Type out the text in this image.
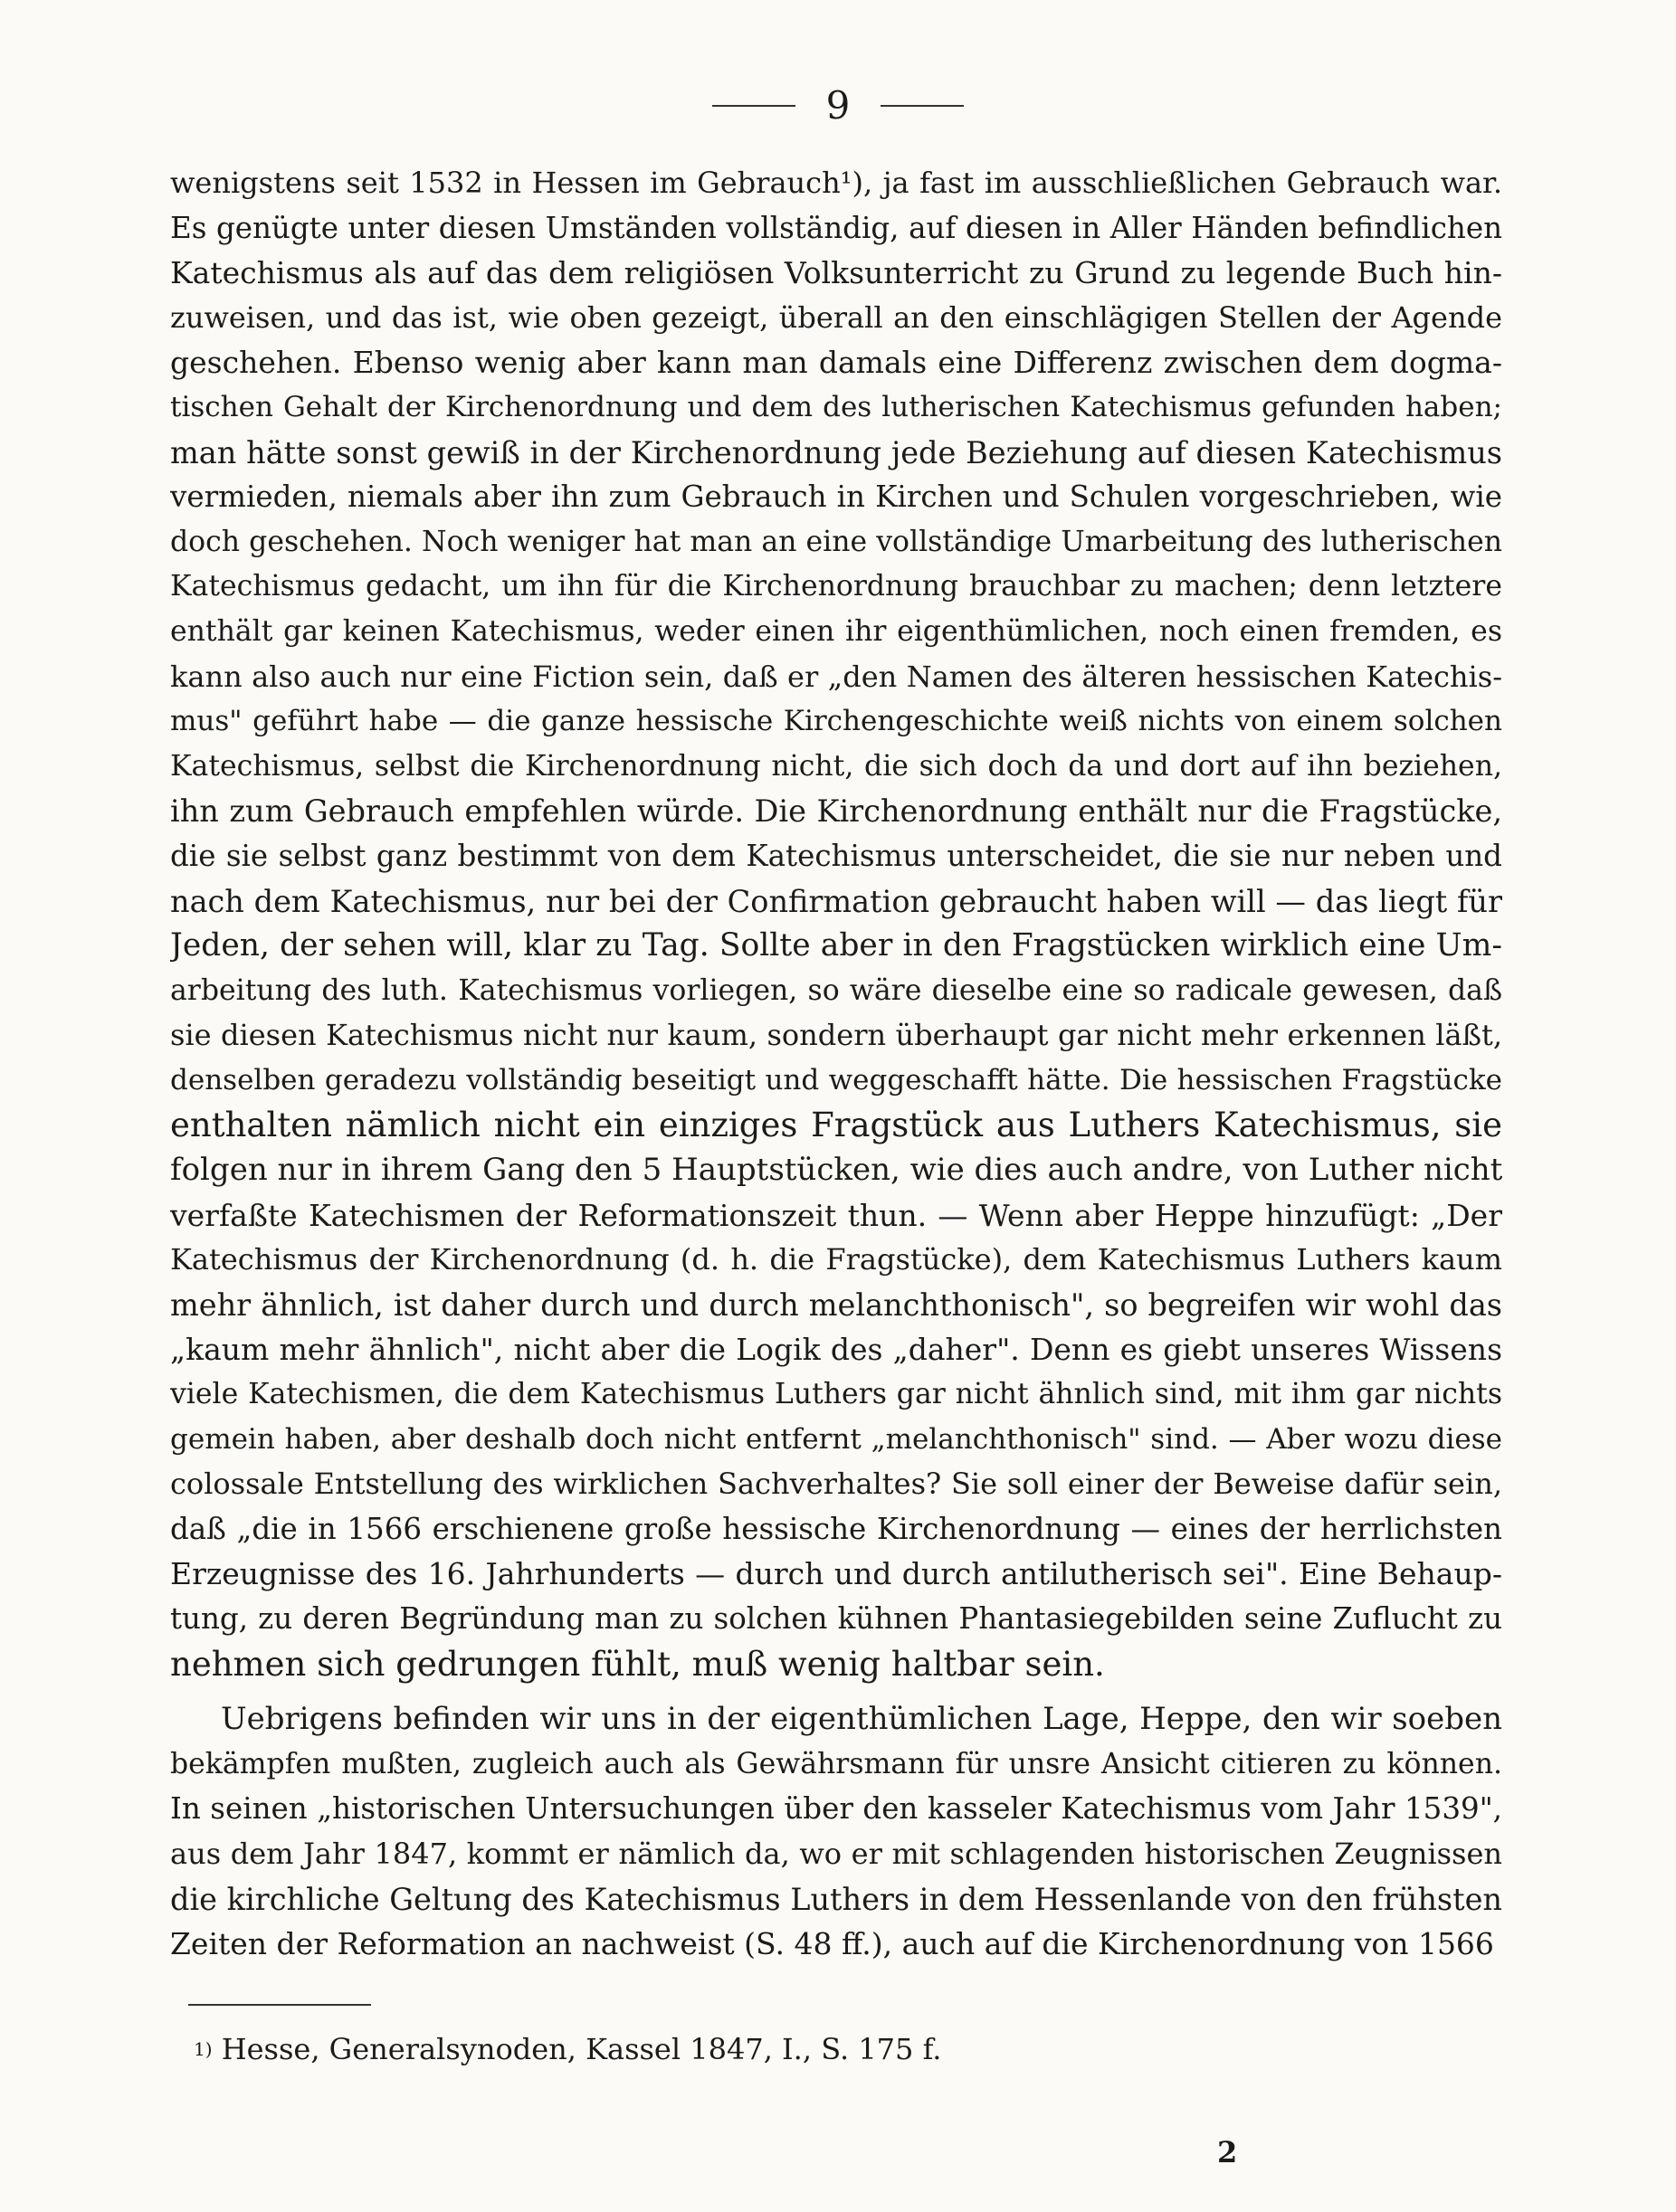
9
wenigstens seit 1532 in Hessen im Gebrauch¹), ja fast im ausschließlichen Gebrauch war.
Es genügte unter diesen Umständen vollständig, auf diesen in Aller Händen befindlichen
Katechismus als auf das dem religiösen Volksunterricht zu Grund zu legende Buch hin-
zuweisen, und das ist, wie oben gezeigt, überall an den einschlägigen Stellen der Agende
geschehen. Ebenso wenig aber kann man damals eine Differenz zwischen dem dogma-
tischen Gehalt der Kirchenordnung und dem des lutherischen Katechismus gefunden haben;
man hätte sonst gewiß in der Kirchenordnung jede Beziehung auf diesen Katechismus
vermieden, niemals aber ihn zum Gebrauch in Kirchen und Schulen vorgeschrieben, wie
doch geschehen. Noch weniger hat man an eine vollständige Umarbeitung des lutherischen
Katechismus gedacht, um ihn für die Kirchenordnung brauchbar zu machen; denn letztere
enthält gar keinen Katechismus, weder einen ihr eigenthümlichen, noch einen fremden, es
kann also auch nur eine Fiction sein, daß er „den Namen des älteren hessischen Katechis-
mus" geführt habe — die ganze hessische Kirchengeschichte weiß nichts von einem solchen
Katechismus, selbst die Kirchenordnung nicht, die sich doch da und dort auf ihn beziehen,
ihn zum Gebrauch empfehlen würde. Die Kirchenordnung enthält nur die Fragstücke,
die sie selbst ganz bestimmt von dem Katechismus unterscheidet, die sie nur neben und
nach dem Katechismus, nur bei der Confirmation gebraucht haben will — das liegt für
Jeden, der sehen will, klar zu Tag. Sollte aber in den Fragstücken wirklich eine Um-
arbeitung des luth. Katechismus vorliegen, so wäre dieselbe eine so radicale gewesen, daß
sie diesen Katechismus nicht nur kaum, sondern überhaupt gar nicht mehr erkennen läßt,
denselben geradezu vollständig beseitigt und weggeschafft hätte. Die hessischen Fragstücke
enthalten nämlich nicht ein einziges Fragstück aus Luthers Katechismus, sie
folgen nur in ihrem Gang den 5 Hauptstücken, wie dies auch andre, von Luther nicht
verfaßte Katechismen der Reformationszeit thun. — Wenn aber Heppe hinzufügt: „Der
Katechismus der Kirchenordnung (d. h. die Fragstücke), dem Katechismus Luthers kaum
mehr ähnlich, ist daher durch und durch melanchthonisch", so begreifen wir wohl das
„kaum mehr ähnlich", nicht aber die Logik des „daher". Denn es giebt unseres Wissens
viele Katechismen, die dem Katechismus Luthers gar nicht ähnlich sind, mit ihm gar nichts
gemein haben, aber deshalb doch nicht entfernt „melanchthonisch" sind. — Aber wozu diese
colossale Entstellung des wirklichen Sachverhaltes? Sie soll einer der Beweise dafür sein,
daß „die in 1566 erschienene große hessische Kirchenordnung — eines der herrlichsten
Erzeugnisse des 16. Jahrhunderts — durch und durch antilutherisch sei". Eine Behaup-
tung, zu deren Begründung man zu solchen kühnen Phantasiegebilden seine Zuflucht zu
nehmen sich gedrungen fühlt, muß wenig haltbar sein.
Uebrigens befinden wir uns in der eigenthümlichen Lage, Heppe, den wir soeben
bekämpfen mußten, zugleich auch als Gewährsmann für unsre Ansicht citieren zu können.
In seinen „historischen Untersuchungen über den kasseler Katechismus vom Jahr 1539",
aus dem Jahr 1847, kommt er nämlich da, wo er mit schlagenden historischen Zeugnissen
die kirchliche Geltung des Katechismus Luthers in dem Hessenlande von den frühsten
Zeiten der Reformation an nachweist (S. 48 ff.), auch auf die Kirchenordnung von 1566
$^{1)}$ Hesse, Generalsynoden, Kassel 1847, I., S. 175 f.
2
